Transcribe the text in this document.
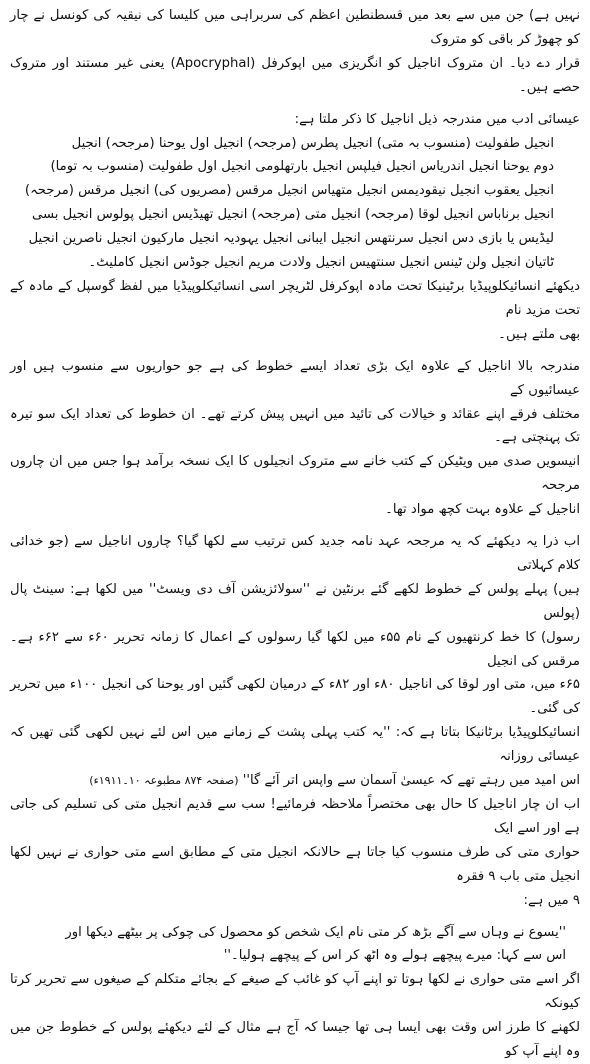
نہیں ہے) جن میں سے بعد میں قسطنطین اعظم کی سربراہی میں کلیسا کی نیقیہ کی کونسل نے چار کو چھوڑ کر باقی کو متروک
قرار دے دیا۔ ان متروک اناجیل کو انگریزی میں اپوکرفل (Apocryphal) یعنی غیر مستند اور متروک حصے ہیں۔

عیسائی ادب میں مندرجہ ذیل اناجیل کا ذکر ملتا ہے:

انجیل طفولیت (منسوب بہ متی) انجیل پطرس (مرجحہ) انجیل اول یوحنا (مرجحہ) انجیل
دوم یوحنا انجیل اندریاس انجیل فیلپس انجیل بارتھلومی انجیل اول طفولیت (منسوب بہ توما)
انجیل یعقوب انجیل نیقودیمس انجیل متھیاس انجیل مرقس (مصریوں کی) انجیل مرقس (مرجحہ)
انجیل برناباس انجیل لوقا (مرجحہ) انجیل متی (مرجحہ) انجیل تھیڈیس انجیل پولوس انجیل بسی
لیڈیس یا بازی دس انجیل سرنتھس انجیل ایبانی انجیل یہودیہ انجیل مارکیون انجیل ناصرین انجیل
ٹاتیان انجیل ولن ٹینس انجیل سنتھیس انجیل ولادت مریم انجیل جوڈس انجیل کاملیٹ۔

دیکھئے انسائیکلوپیڈیا برٹینیکا تحت مادہ اپوکرفل لٹریچر اسی انسائیکلوپیڈیا میں لفظ گوسپل کے مادہ کے تحت مزید نام
بھی ملتے ہیں۔

مندرجہ بالا اناجیل کے علاوہ ایک بڑی تعداد ایسے خطوط کی ہے جو حواریوں سے منسوب ہیں اور عیسائیوں کے
مختلف فرقے اپنے عقائد و خیالات کی تائید میں انہیں پیش کرتے تھے۔ ان خطوط کی تعداد ایک سو تیرہ تک پہنچتی ہے۔
انیسویں صدی میں ویٹیکن کے کتب خانے سے متروک انجیلوں کا ایک نسخہ برآمد ہوا جس میں ان چاروں مرجحہ
اناجیل کے علاوہ بہت کچھ مواد تھا۔

اب ذرا یہ دیکھئے کہ یہ مرجحہ عہد نامہ جدید کس ترتیب سے لکھا گیا؟ چاروں اناجیل سے (جو خدائی کلام کہلاتی
ہیں) پہلے پولس کے خطوط لکھے گئے برنٹین نے ''سولائزیشن آف دی ویسٹ'' میں لکھا ہے: سینٹ پال (پولس
رسول) کا خط کرنتھیوں کے نام ۵۵ء میں لکھا گیا رسولوں کے اعمال کا زمانہ تحریر ۶۰ء سے ۶۲ء ہے۔ مرقس کی انجیل
۶۵ء میں، متی اور لوقا کی اناجیل ۸۰ء اور ۸۲ء کے درمیان لکھی گئیں اور یوحنا کی انجیل ۱۰۰ء میں تحریر کی گئی۔

انسائیکلوپیڈیا برٹانیکا بتاتا ہے کہ: ''یہ کتب پہلی پشت کے زمانے میں اس لئے نہیں لکھی گئی تھیں کہ عیسائی روزانہ
اس امید میں رہتے تھے کہ عیسیٰ آسمان سے واپس اتر آئے گا'' (صفحہ ۸۷۴ مطبوعہ ۱۰۔۱۹۱۱ء)

اب ان چار اناجیل کا حال بھی مختصراً ملاحظہ فرمائیے! سب سے قدیم انجیل متی کی تسلیم کی جاتی ہے اور اسے ایک
حواری متی کی طرف منسوب کیا جاتا ہے حالانکہ انجیل متی کے مطابق اسے متی حواری نے نہیں لکھا انجیل متی باب ۹ فقرہ
۹ میں ہے:

''یسوع نے وہاں سے آگے بڑھ کر متی نام ایک شخص کو محصول کی چوکی پر بیٹھے دیکھا اور
اس سے کہا: میرے پیچھے ہولے وہ اٹھ کر اس کے پیچھے ہولیا۔''

اگر اسے متی حواری نے لکھا ہوتا تو اپنے آپ کو غائب کے صیغے کے بجائے متکلم کے صیغوں سے تحریر کرتا کیونکہ
لکھنے کا طرز اس وقت بھی ایسا ہی تھا جیسا کہ آج ہے مثال کے لئے دیکھئے پولس کے خطوط جن میں وہ اپنے آپ کو
